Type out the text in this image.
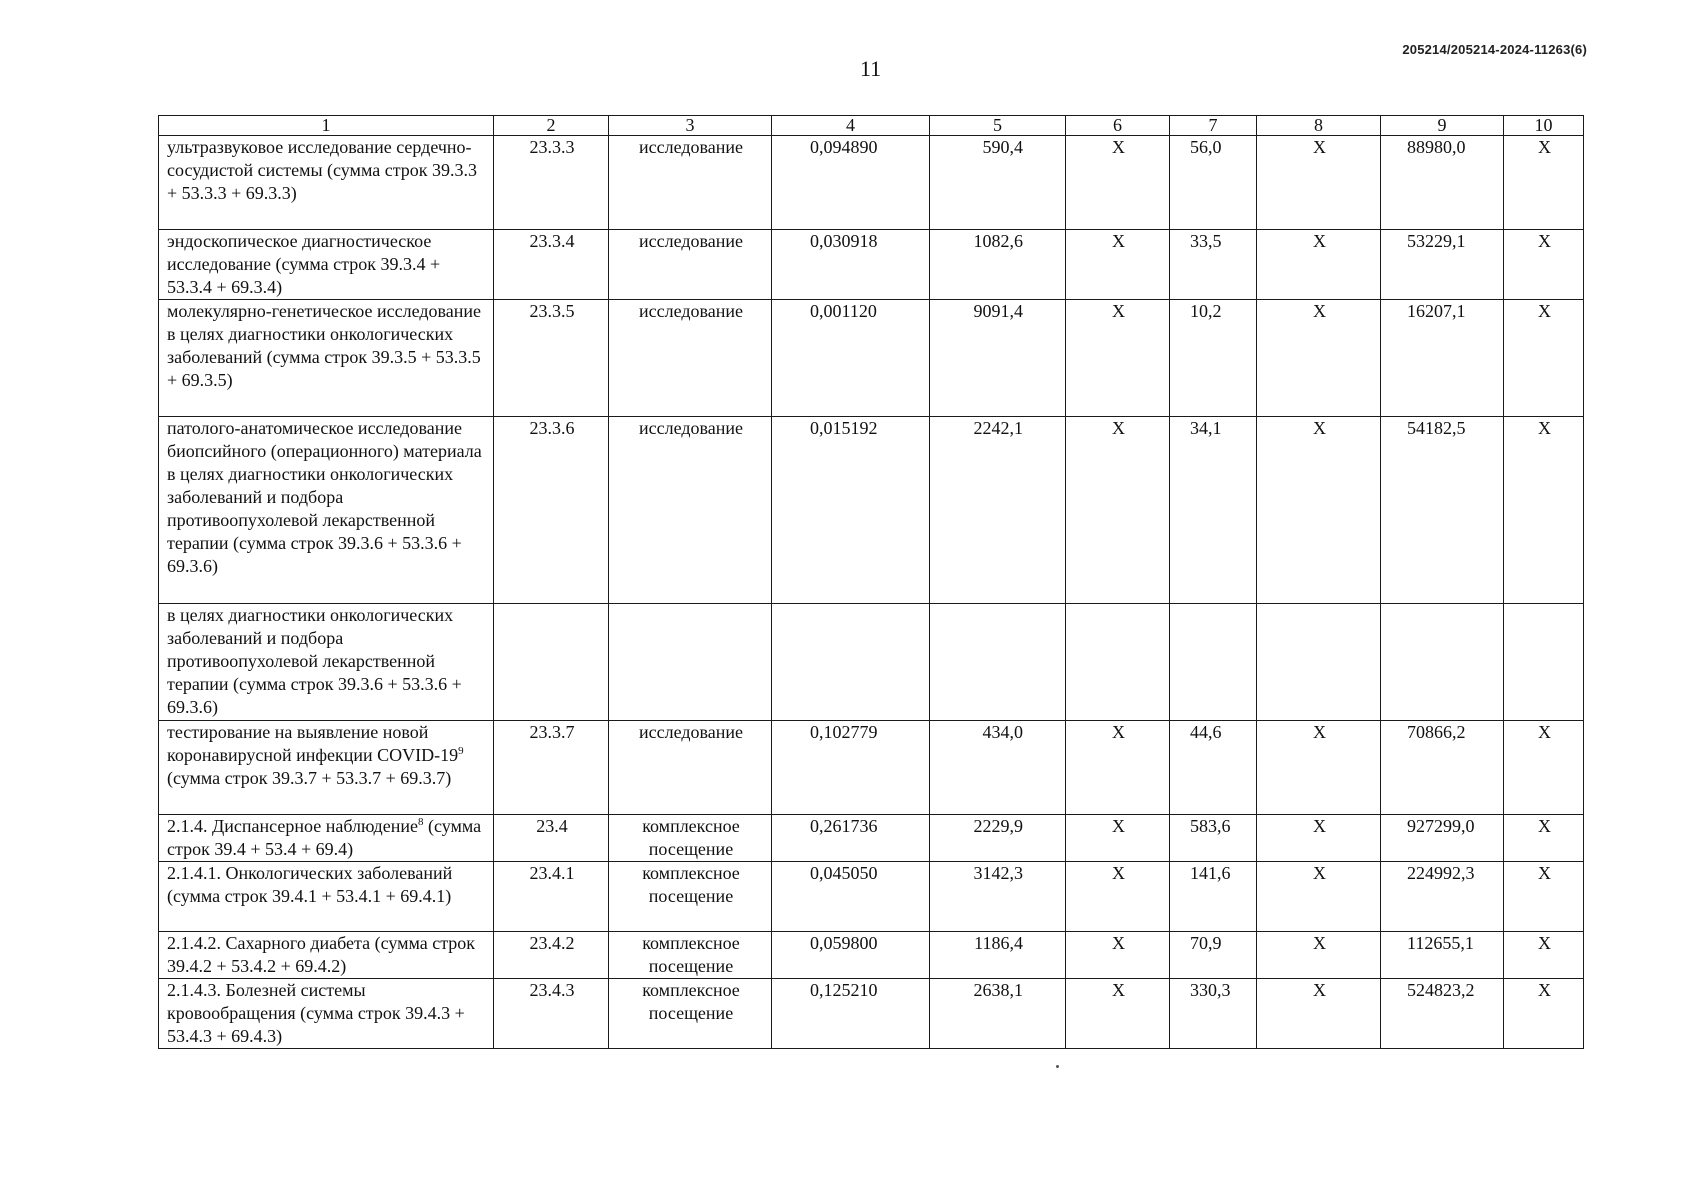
205214/205214-2024-11263(6)
11
1	2	3	4	5	6	7	8	9	10
ультразвуковое исследование сердечно-сосудистой системы (сумма строк 39.3.3 + 53.3.3 + 69.3.3)	23.3.3	исследование	0,094890	590,4	X	56,0	X	88980,0	X
эндоскопическое диагностическое исследование (сумма строк 39.3.4 + 53.3.4 + 69.3.4)	23.3.4	исследование	0,030918	1082,6	X	33,5	X	53229,1	X
молекулярно-генетическое исследование в целях диагностики онкологических заболеваний (сумма строк 39.3.5 + 53.3.5 + 69.3.5)	23.3.5	исследование	0,001120	9091,4	X	10,2	X	16207,1	X
патолого-анатомическое исследование биопсийного (операционного) материала в целях диагностики онкологических заболеваний и подбора противоопухолевой лекарственной терапии (сумма строк 39.3.6 + 53.3.6 + 69.3.6)	23.3.6	исследование	0,015192	2242,1	X	34,1	X	54182,5	X
в целях диагностики онкологических заболеваний и подбора противоопухолевой лекарственной терапии (сумма строк 39.3.6 + 53.3.6 + 69.3.6)									
тестирование на выявление новой коронавирусной инфекции COVID-$19^9$ (сумма строк 39.3.7 + 53.3.7 + 69.3.7)	23.3.7	исследование	0,102779	434,0	X	44,6	X	70866,2	X
2.1.4. Диспансерное наблюдение$^8$ (сумма строк 39.4 + 53.4 + 69.4)	23.4	комплексное посещение	0,261736	2229,9	X	583,6	X	927299,0	X
2.1.4.1. Онкологических заболеваний (сумма строк 39.4.1 + 53.4.1 + 69.4.1)	23.4.1	комплексное посещение	0,045050	3142,3	X	141,6	X	224992,3	X
2.1.4.2. Сахарного диабета (сумма строк 39.4.2 + 53.4.2 + 69.4.2)	23.4.2	комплексное посещение	0,059800	1186,4	X	70,9	X	112655,1	X
2.1.4.3. Болезней системы кровообращения (сумма строк 39.4.3 + 53.4.3 + 69.4.3)	23.4.3	комплексное посещение	0,125210	2638,1	X	330,3	X	524823,2	X
